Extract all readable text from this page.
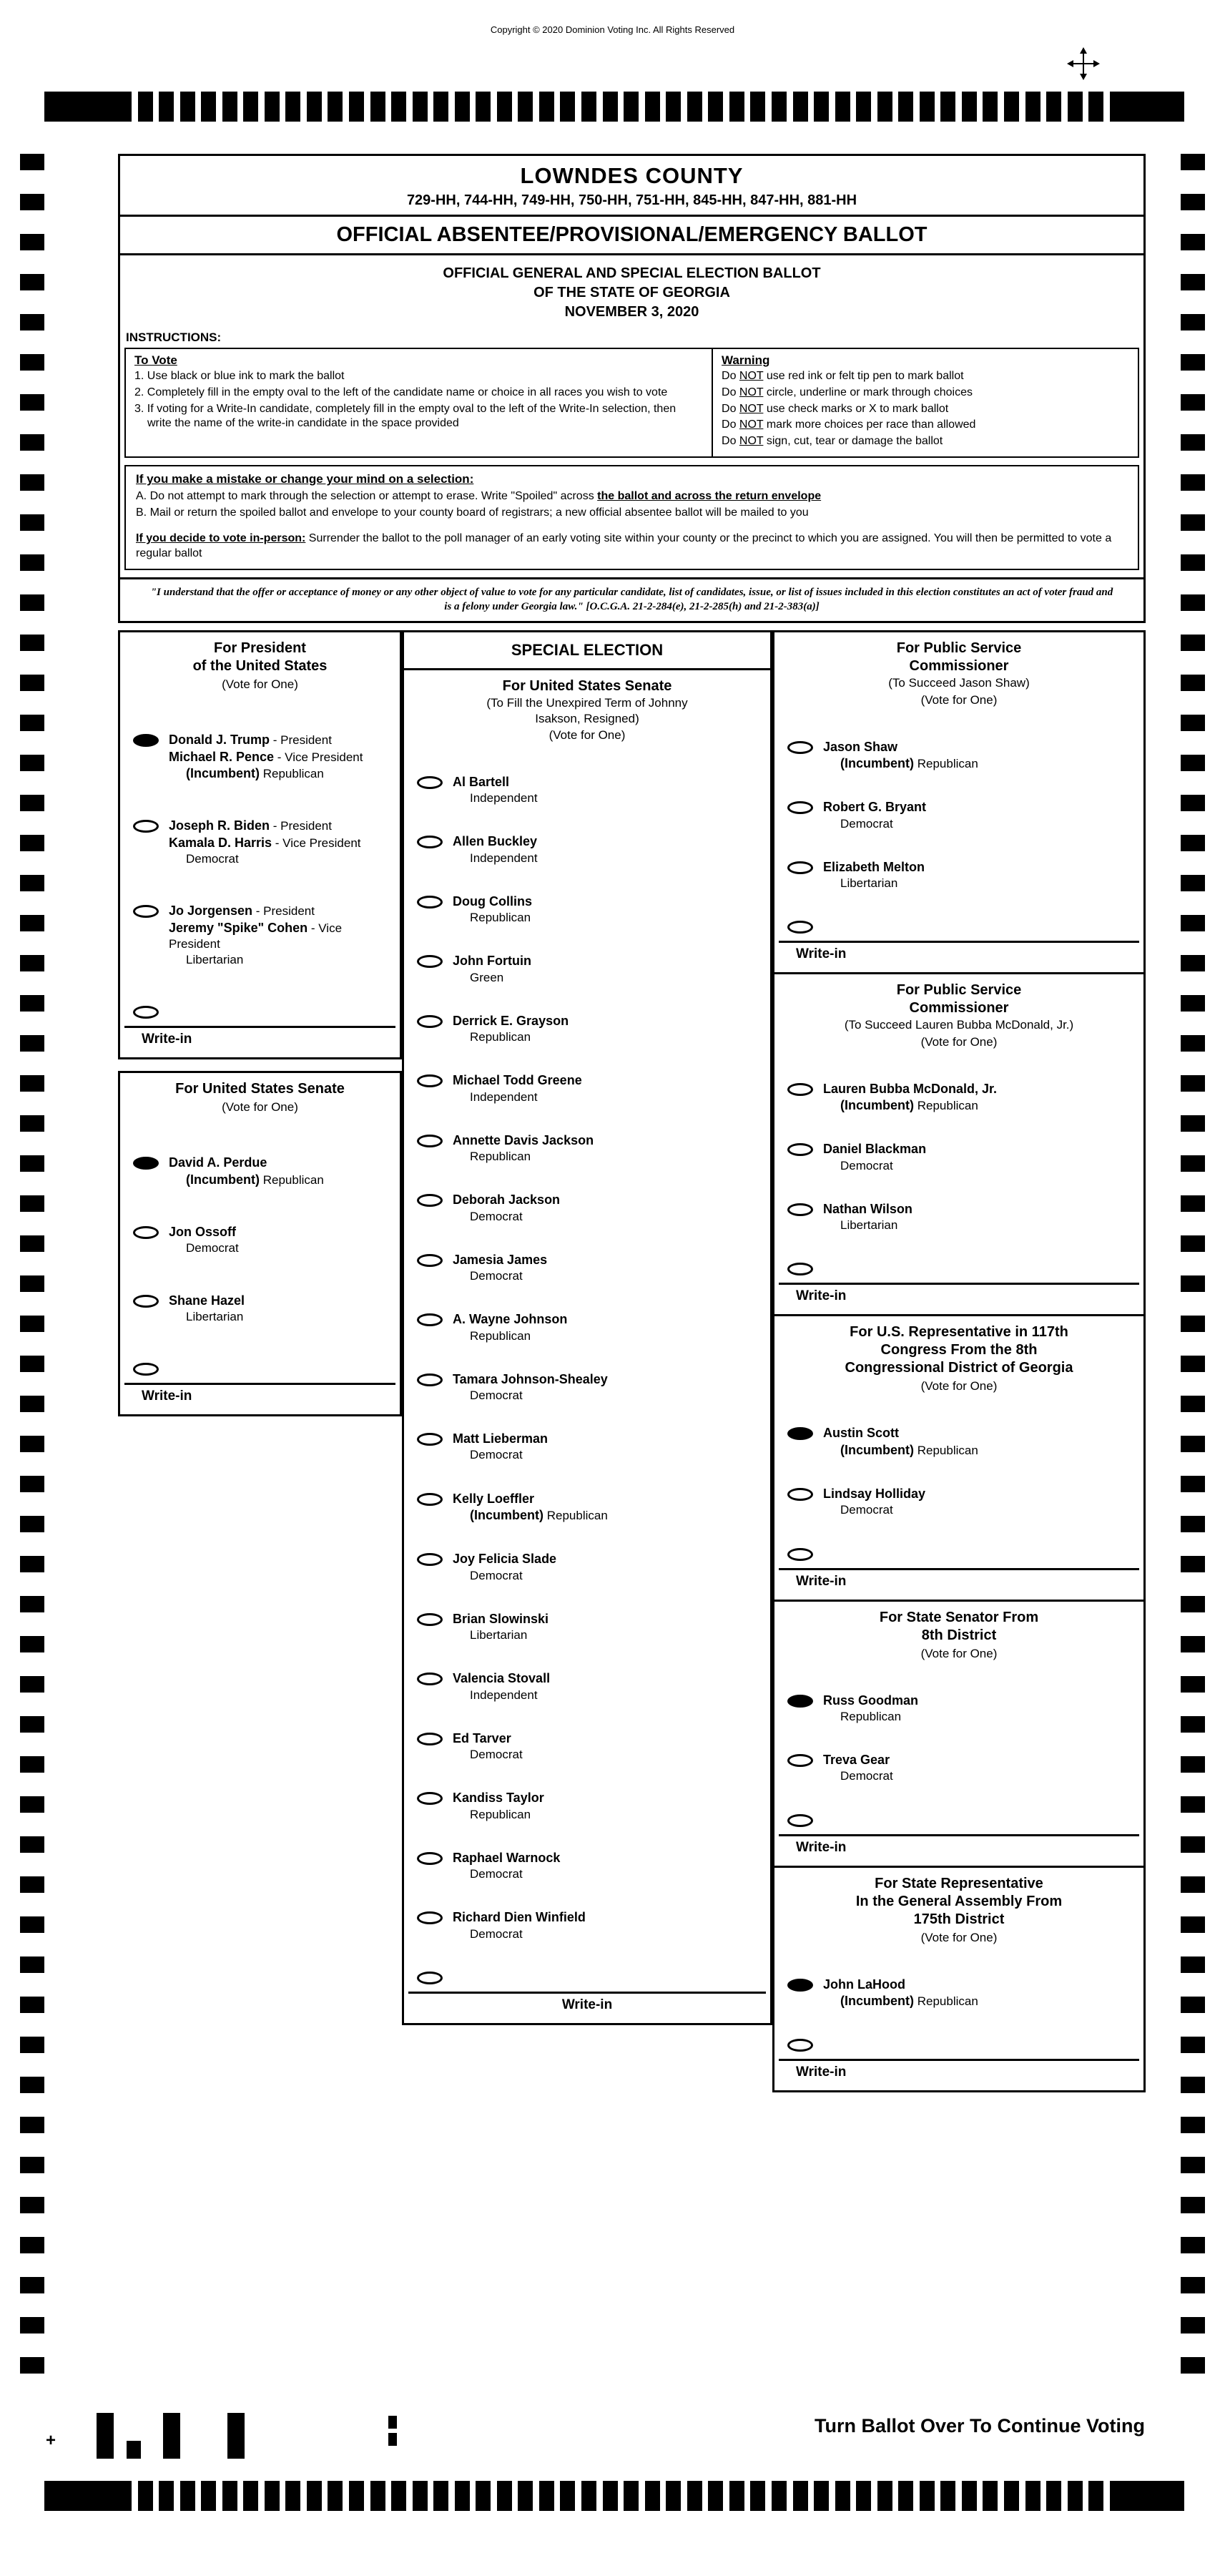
Copyright © 2020 Dominion Voting Inc. All Rights Reserved
LOWNDES COUNTY
729-HH, 744-HH, 749-HH, 750-HH, 751-HH, 845-HH, 847-HH, 881-HH
OFFICIAL ABSENTEE/PROVISIONAL/EMERGENCY BALLOT
OFFICIAL GENERAL AND SPECIAL ELECTION BALLOT
OF THE STATE OF GEORGIA
NOVEMBER 3, 2020
INSTRUCTIONS:
To Vote
1. Use black or blue ink to mark the ballot
2. Completely fill in the empty oval to the left of the candidate name or choice in all races you wish to vote
3. If voting for a Write-In candidate, completely fill in the empty oval to the left of the Write-In selection, then write the name of the write-in candidate in the space provided
Warning
Do NOT use red ink or felt tip pen to mark ballot
Do NOT circle, underline or mark through choices
Do NOT use check marks or X to mark ballot
Do NOT mark more choices per race than allowed
Do NOT sign, cut, tear or damage the ballot
If you make a mistake or change your mind on a selection:
A. Do not attempt to mark through the selection or attempt to erase. Write "Spoiled" across the ballot and across the return envelope
B. Mail or return the spoiled ballot and envelope to your county board of registrars; a new official absentee ballot will be mailed to you
If you decide to vote in-person: Surrender the ballot to the poll manager of an early voting site within your county or the precinct to which you are assigned. You will then be permitted to vote a regular ballot
"I understand that the offer or acceptance of money or any other object of value to vote for any particular candidate, list of candidates, issue, or list of issues included in this election constitutes an act of voter fraud and is a felony under Georgia law." [O.C.G.A. 21-2-284(e), 21-2-285(h) and 21-2-383(a)]
For President
of the United States
(Vote for One)
Donald J. Trump - President
Michael R. Pence - Vice President
(Incumbent) Republican
Joseph R. Biden - President
Kamala D. Harris - Vice President
Democrat
Jo Jorgensen - President
Jeremy "Spike" Cohen - Vice President
Libertarian
Write-in
For United States Senate
(Vote for One)
David A. Perdue
(Incumbent) Republican
Jon Ossoff
Democrat
Shane Hazel
Libertarian
Write-in
SPECIAL ELECTION
For United States Senate
(To Fill the Unexpired Term of Johnny
Isakson, Resigned)
(Vote for One)
Al Bartell
Independent
Allen Buckley
Independent
Doug Collins
Republican
John Fortuin
Green
Derrick E. Grayson
Republican
Michael Todd Greene
Independent
Annette Davis Jackson
Republican
Deborah Jackson
Democrat
Jamesia James
Democrat
A. Wayne Johnson
Republican
Tamara Johnson-Shealey
Democrat
Matt Lieberman
Democrat
Kelly Loeffler
(Incumbent) Republican
Joy Felicia Slade
Democrat
Brian Slowinski
Libertarian
Valencia Stovall
Independent
Ed Tarver
Democrat
Kandiss Taylor
Republican
Raphael Warnock
Democrat
Richard Dien Winfield
Democrat
Write-in
For Public Service
Commissioner
(To Succeed Jason Shaw)
(Vote for One)
Jason Shaw
(Incumbent) Republican
Robert G. Bryant
Democrat
Elizabeth Melton
Libertarian
Write-in
For Public Service
Commissioner
(To Succeed Lauren Bubba McDonald, Jr.)
(Vote for One)
Lauren Bubba McDonald, Jr.
(Incumbent) Republican
Daniel Blackman
Democrat
Nathan Wilson
Libertarian
Write-in
For U.S. Representative in 117th
Congress From the 8th
Congressional District of Georgia
(Vote for One)
Austin Scott
(Incumbent) Republican
Lindsay Holliday
Democrat
Write-in
For State Senator From
8th District
(Vote for One)
Russ Goodman
Republican
Treva Gear
Democrat
Write-in
For State Representative
In the General Assembly From
175th District
(Vote for One)
John LaHood
(Incumbent) Republican
Write-in
+
Turn Ballot Over To Continue Voting
